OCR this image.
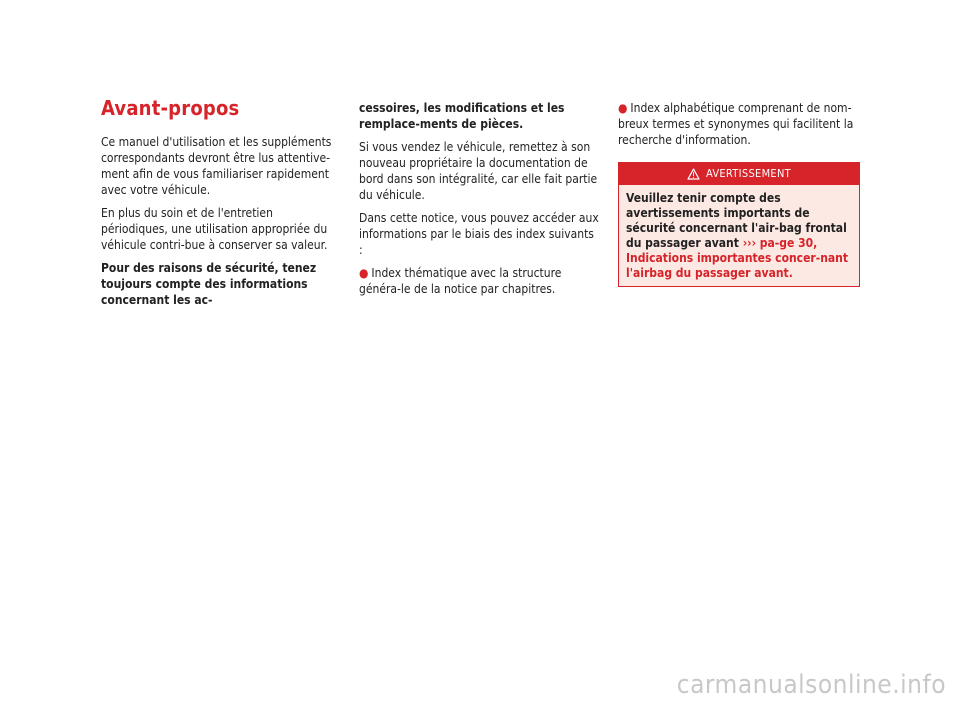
Avant-propos

Ce manuel d'utilisation et les suppléments correspondants devront être lus attentive-ment afin de vous familiariser rapidement avec votre véhicule.

En plus du soin et de l'entretien périodiques, une utilisation appropriée du véhicule contri-bue à conserver sa valeur.

Pour des raisons de sécurité, tenez toujours compte des informations concernant les ac-

cessoires, les modifications et les remplace-ments de pièces.

Si vous vendez le véhicule, remettez à son nouveau propriétaire la documentation de bord dans son intégralité, car elle fait partie du véhicule.

Dans cette notice, vous pouvez accéder aux informations par le biais des index suivants :

● Index thématique avec la structure généra-le de la notice par chapitres.

● Index alphabétique comprenant de nom-breux termes et synonymes qui facilitent la recherche d'information.

AVERTISSEMENT
Veuillez tenir compte des avertissements importants de sécurité concernant l'air-bag frontal du passager avant ››› pa-ge 30, Indications importantes concer-nant l'airbag du passager avant.
carmanualsonline.info
